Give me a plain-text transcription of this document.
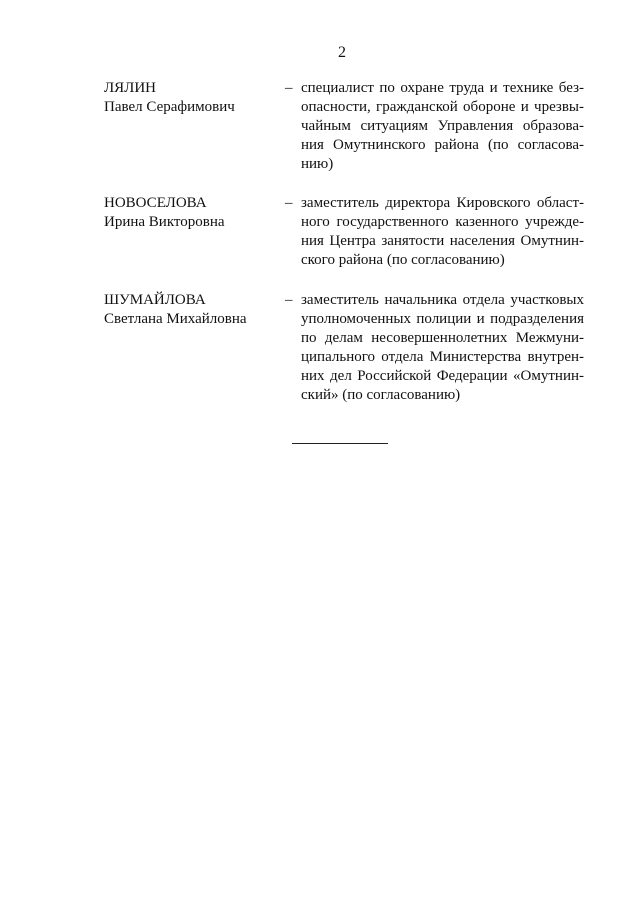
2
ЛЯЛИН
Павел Серафимович
– специалист по охране труда и технике без-
опасности, гражданской обороне и чрезвы-
чайным ситуациям Управления образова-
ния Омутнинского района (по согласова-
нию)
НОВОСЕЛОВА
Ирина Викторовна
– заместитель директора Кировского област-
ного государственного казенного учрежде-
ния Центра занятости населения Омутнин-
ского района (по согласованию)
ШУМАЙЛОВА
Светлана Михайловна
– заместитель начальника отдела участковых
уполномоченных полиции и подразделения
по делам несовершеннолетних Межмуни-
ципального отдела Министерства внутрен-
них дел Российской Федерации «Омутнин-
ский» (по согласованию)
